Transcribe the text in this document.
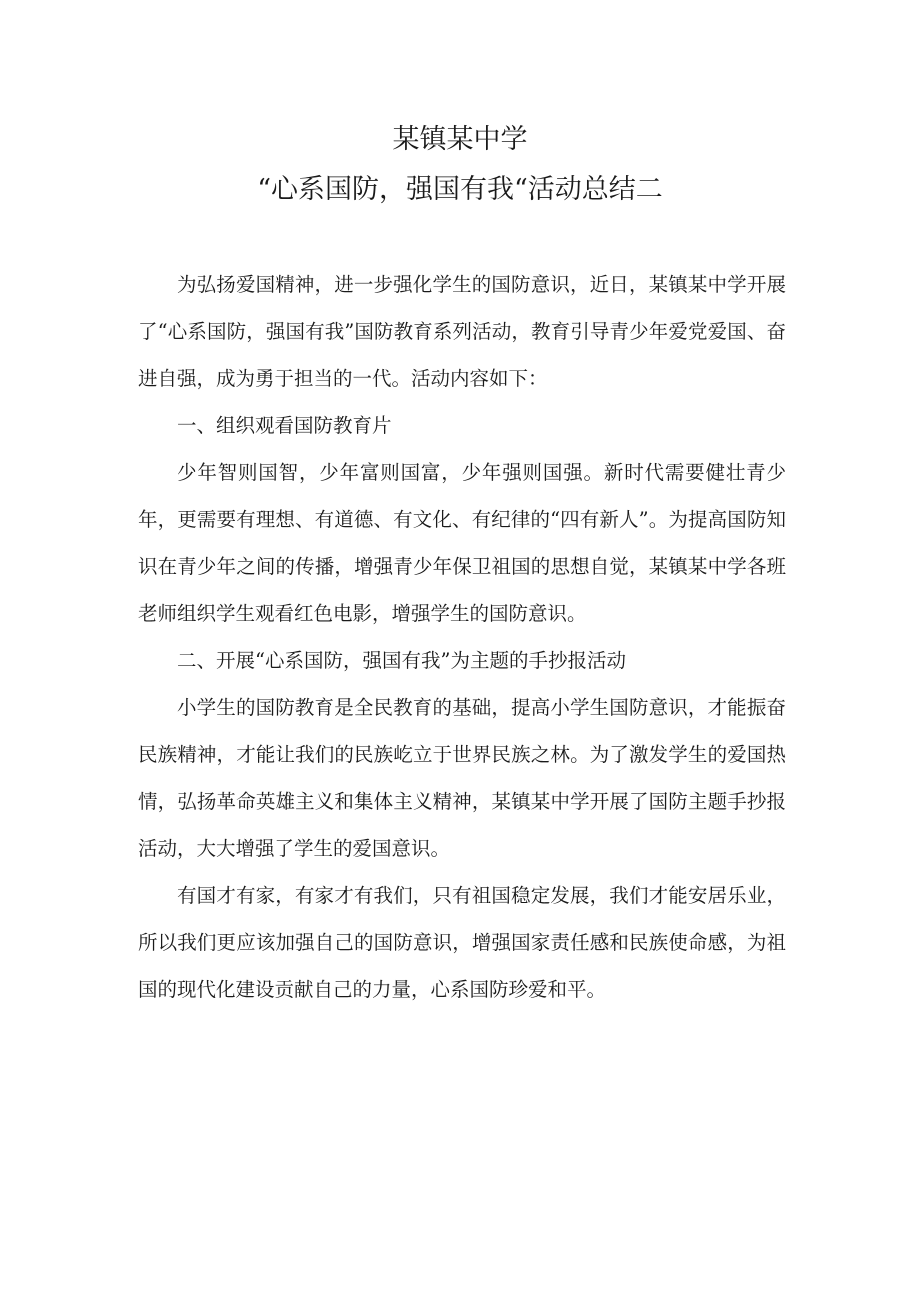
某镇某中学
“心系国防，强国有我“活动总结二

为弘扬爱国精神，进一步强化学生的国防意识，近日，某镇某中学开展了“心系国防，强国有我”国防教育系列活动，教育引导青少年爱党爱国、奋进自强，成为勇于担当的一代。活动内容如下：

一、组织观看国防教育片

少年智则国智，少年富则国富，少年强则国强。新时代需要健壮青少年，更需要有理想、有道德、有文化、有纪律的“四有新人”。为提高国防知识在青少年之间的传播，增强青少年保卫祖国的思想自觉，某镇某中学各班老师组织学生观看红色电影，增强学生的国防意识。

二、开展“心系国防，强国有我”为主题的手抄报活动

小学生的国防教育是全民教育的基础，提高小学生国防意识，才能振奋民族精神，才能让我们的民族屹立于世界民族之林。为了激发学生的爱国热情，弘扬革命英雄主义和集体主义精神，某镇某中学开展了国防主题手抄报活动，大大增强了学生的爱国意识。

有国才有家，有家才有我们，只有祖国稳定发展，我们才能安居乐业，所以我们更应该加强自己的国防意识，增强国家责任感和民族使命感，为祖国的现代化建设贡献自己的力量，心系国防珍爱和平。
